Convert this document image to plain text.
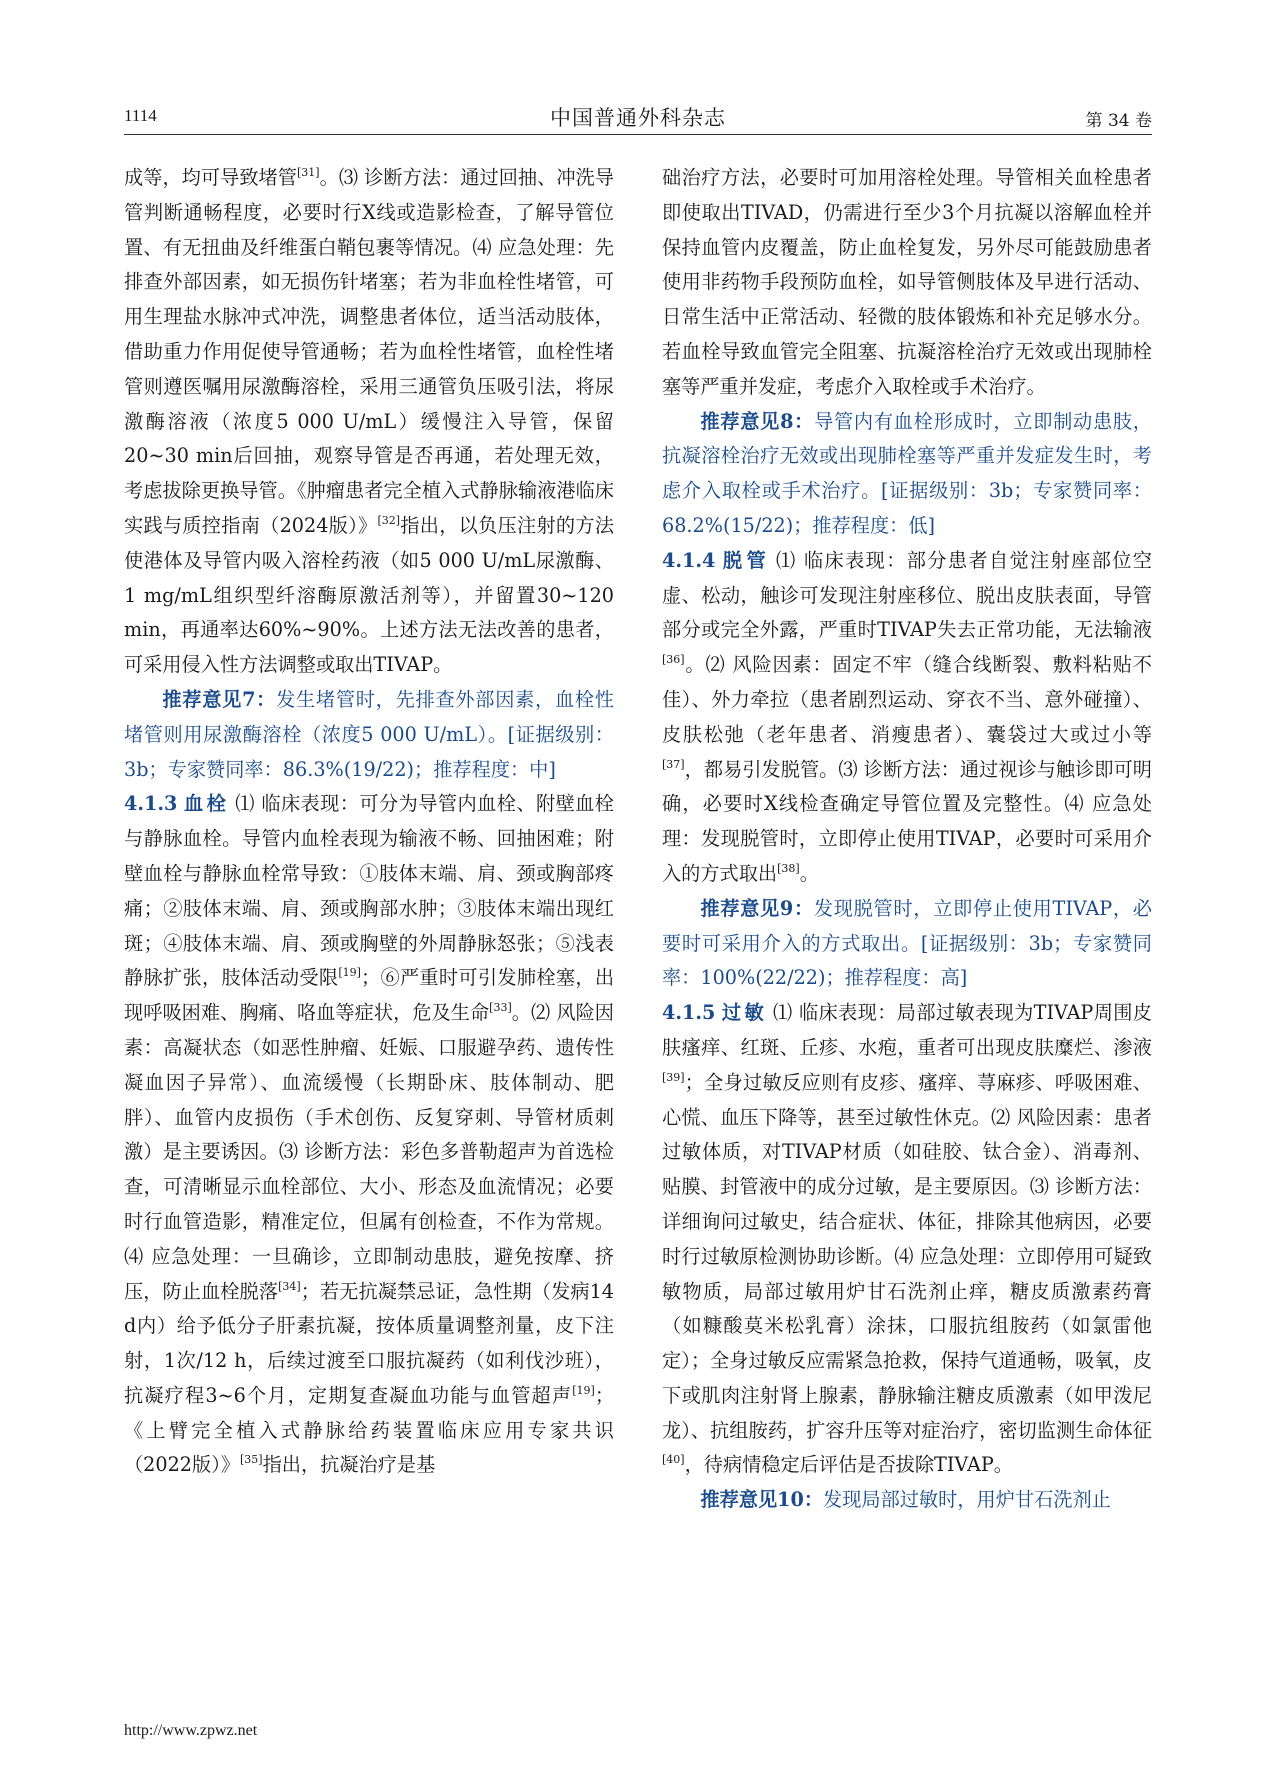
1114	中国普通外科杂志	第 34 卷

成等，均可导致堵管[31]。⑶ 诊断方法：通过回抽、冲洗导管判断通畅程度，必要时行X线或造影检查，了解导管位置、有无扭曲及纤维蛋白鞘包裹等情况。⑷ 应急处理：先排查外部因素，如无损伤针堵塞；若为非血栓性堵管，可用生理盐水脉冲式冲洗，调整患者体位，适当活动肢体，借助重力作用促使导管通畅；若为血栓性堵管，血栓性堵管则遵医嘱用尿激酶溶栓，采用三通管负压吸引法，将尿激酶溶液（浓度5 000 U/mL）缓慢注入导管，保留20~30 min后回抽，观察导管是否再通，若处理无效，考虑拔除更换导管。《肿瘤患者完全植入式静脉输液港临床实践与质控指南（2024版）》[32]指出，以负压注射的方法使港体及导管内吸入溶栓药液（如5 000 U/mL尿激酶、1 mg/mL组织型纤溶酶原激活剂等），并留置30~120 min，再通率达60%~90%。上述方法无法改善的患者，可采用侵入性方法调整或取出TIVAP。

推荐意见7：发生堵管时，先排查外部因素，血栓性堵管则用尿激酶溶栓（浓度5 000 U/mL）。[证据级别：3b；专家赞同率：86.3%(19/22)；推荐程度：中]

4.1.3 血栓 ⑴ 临床表现：可分为导管内血栓、附壁血栓与静脉血栓。导管内血栓表现为输液不畅、回抽困难；附壁血栓与静脉血栓常导致：①肢体末端、肩、颈或胸部疼痛；②肢体末端、肩、颈或胸部水肿；③肢体末端出现红斑；④肢体末端、肩、颈或胸壁的外周静脉怒张；⑤浅表静脉扩张，肢体活动受限[19]；⑥严重时可引发肺栓塞，出现呼吸困难、胸痛、咯血等症状，危及生命[33]。⑵ 风险因素：高凝状态（如恶性肿瘤、妊娠、口服避孕药、遗传性凝血因子异常）、血流缓慢（长期卧床、肢体制动、肥胖）、血管内皮损伤（手术创伤、反复穿刺、导管材质刺激）是主要诱因。⑶ 诊断方法：彩色多普勒超声为首选检查，可清晰显示血栓部位、大小、形态及血流情况；必要时行血管造影，精准定位，但属有创检查，不作为常规。⑷ 应急处理：一旦确诊，立即制动患肢，避免按摩、挤压，防止血栓脱落[34]；若无抗凝禁忌证，急性期（发病14 d内）给予低分子肝素抗凝，按体质量调整剂量，皮下注射，1次/12 h，后续过渡至口服抗凝药（如利伐沙班），抗凝疗程3~6个月，定期复查凝血功能与血管超声[19]；《上臂完全植入式静脉给药装置临床应用专家共识（2022版）》[35]指出，抗凝治疗是基

础治疗方法，必要时可加用溶栓处理。导管相关血栓患者即使取出TIVAD，仍需进行至少3个月抗凝以溶解血栓并保持血管内皮覆盖，防止血栓复发，另外尽可能鼓励患者使用非药物手段预防血栓，如导管侧肢体及早进行活动、日常生活中正常活动、轻微的肢体锻炼和补充足够水分。若血栓导致血管完全阻塞、抗凝溶栓治疗无效或出现肺栓塞等严重并发症，考虑介入取栓或手术治疗。

推荐意见8：导管内有血栓形成时，立即制动患肢，抗凝溶栓治疗无效或出现肺栓塞等严重并发症发生时，考虑介入取栓或手术治疗。[证据级别：3b；专家赞同率：68.2%(15/22)；推荐程度：低]

4.1.4 脱管 ⑴ 临床表现：部分患者自觉注射座部位空虚、松动，触诊可发现注射座移位、脱出皮肤表面，导管部分或完全外露，严重时TIVAP失去正常功能，无法输液[36]。⑵ 风险因素：固定不牢（缝合线断裂、敷料粘贴不佳）、外力牵拉（患者剧烈运动、穿衣不当、意外碰撞）、皮肤松弛（老年患者、消瘦患者）、囊袋过大或过小等[37]，都易引发脱管。⑶ 诊断方法：通过视诊与触诊即可明确，必要时X线检查确定导管位置及完整性。⑷ 应急处理：发现脱管时，立即停止使用TIVAP，必要时可采用介入的方式取出[38]。

推荐意见9：发现脱管时，立即停止使用TIVAP，必要时可采用介入的方式取出。[证据级别：3b；专家赞同率：100%(22/22)；推荐程度：高]

4.1.5 过敏 ⑴ 临床表现：局部过敏表现为TIVAP周围皮肤瘙痒、红斑、丘疹、水疱，重者可出现皮肤糜烂、渗液[39]；全身过敏反应则有皮疹、瘙痒、荨麻疹、呼吸困难、心慌、血压下降等，甚至过敏性休克。⑵ 风险因素：患者过敏体质，对TIVAP材质（如硅胶、钛合金）、消毒剂、贴膜、封管液中的成分过敏，是主要原因。⑶ 诊断方法：详细询问过敏史，结合症状、体征，排除其他病因，必要时行过敏原检测协助诊断。⑷ 应急处理：立即停用可疑致敏物质，局部过敏用炉甘石洗剂止痒，糖皮质激素药膏（如糠酸莫米松乳膏）涂抹，口服抗组胺药（如氯雷他定）；全身过敏反应需紧急抢救，保持气道通畅，吸氧，皮下或肌肉注射肾上腺素，静脉输注糖皮质激素（如甲泼尼龙）、抗组胺药，扩容升压等对症治疗，密切监测生命体征[40]，待病情稳定后评估是否拔除TIVAP。

推荐意见10：发现局部过敏时，用炉甘石洗剂止

http://www.zpwz.net
